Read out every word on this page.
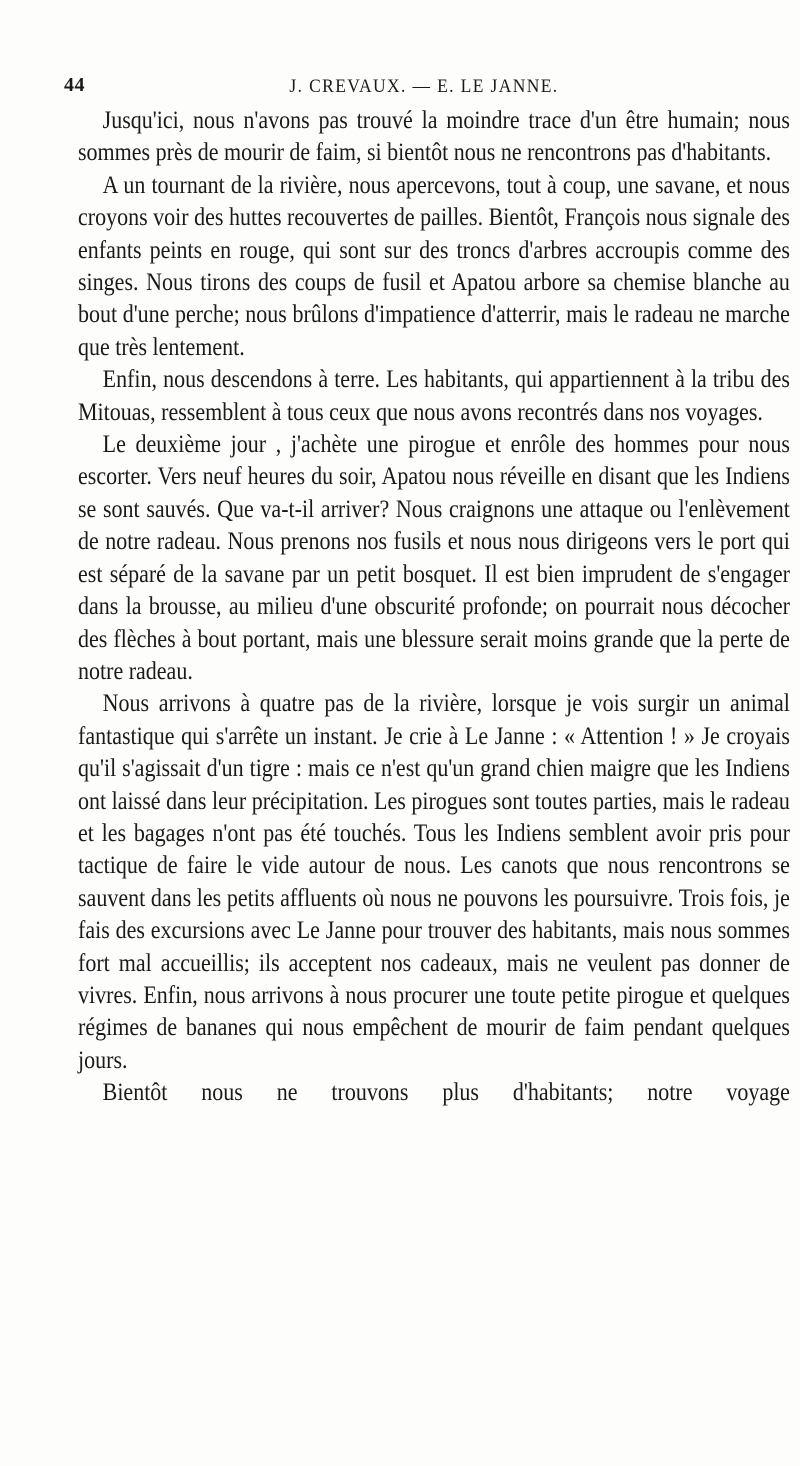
44	J. CREVAUX. — E. LE JANNE.

Jusqu'ici, nous n'avons pas trouvé la moindre trace d'un être humain; nous sommes près de mourir de faim, si bientôt nous ne rencontrons pas d'habitants.

A un tournant de la rivière, nous apercevons, tout à coup, une savane, et nous croyons voir des huttes recouvertes de pailles. Bientôt, François nous signale des enfants peints en rouge, qui sont sur des troncs d'arbres accroupis comme des singes. Nous tirons des coups de fusil et Apatou arbore sa chemise blanche au bout d'une perche; nous brûlons d'impatience d'atterrir, mais le radeau ne marche que très lentement.

Enfin, nous descendons à terre. Les habitants, qui appartiennent à la tribu des Mitouas, ressemblent à tous ceux que nous avons recontrés dans nos voyages.

Le deuxième jour , j'achète une pirogue et enrôle des hommes pour nous escorter. Vers neuf heures du soir, Apatou nous réveille en disant que les Indiens se sont sauvés. Que va-t-il arriver? Nous craignons une attaque ou l'enlèvement de notre radeau. Nous prenons nos fusils et nous nous dirigeons vers le port qui est séparé de la savane par un petit bosquet. Il est bien imprudent de s'engager dans la brousse, au milieu d'une obscurité profonde; on pourrait nous décocher des flèches à bout portant, mais une blessure serait moins grande que la perte de notre radeau.

Nous arrivons à quatre pas de la rivière, lorsque je vois surgir un animal fantastique qui s'arrête un instant. Je crie à Le Janne : « Attention ! » Je croyais qu'il s'agissait d'un tigre : mais ce n'est qu'un grand chien maigre que les Indiens ont laissé dans leur précipitation. Les pirogues sont toutes parties, mais le radeau et les bagages n'ont pas été touchés. Tous les Indiens semblent avoir pris pour tactique de faire le vide autour de nous. Les canots que nous rencontrons se sauvent dans les petits affluents où nous ne pouvons les poursuivre. Trois fois, je fais des excursions avec Le Janne pour trouver des habitants, mais nous sommes fort mal accueillis; ils acceptent nos cadeaux, mais ne veulent pas donner de vivres. Enfin, nous arrivons à nous procurer une toute petite pirogue et quelques régimes de bananes qui nous empêchent de mourir de faim pendant quelques jours.

Bientôt nous ne trouvons plus d'habitants; notre voyage
